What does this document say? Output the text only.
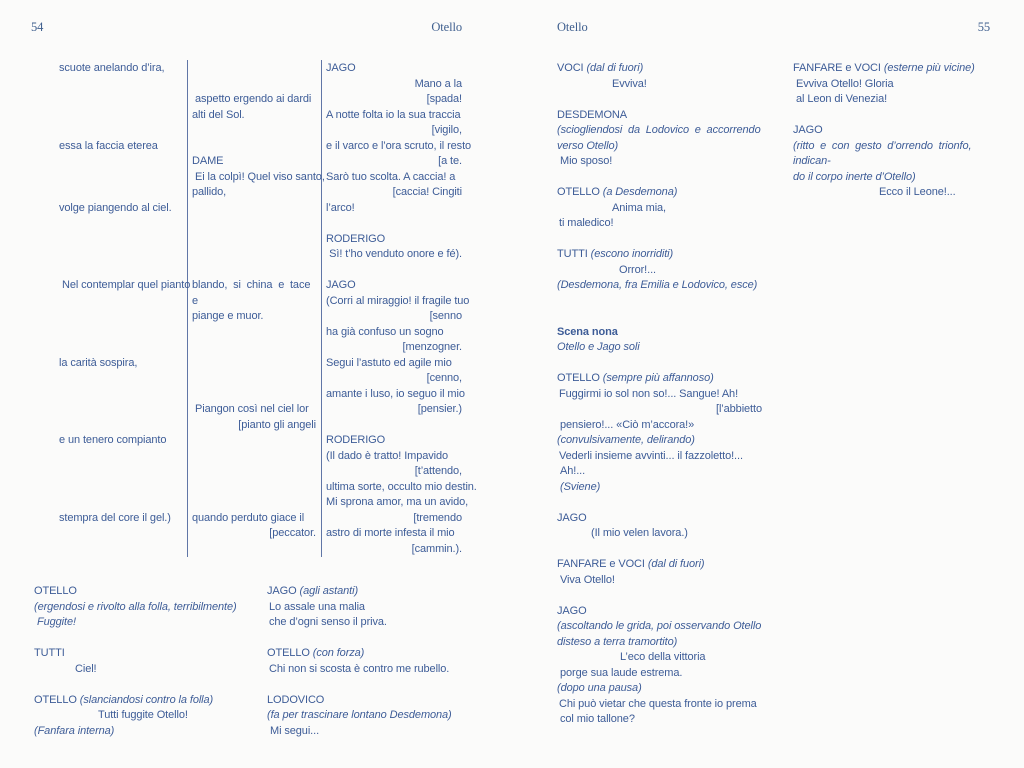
54	Otello
scuote anelando d’ira,
essa la faccia eterea
volge piangendo al ciel.
Nel contemplar quel pianto
la carità sospira,
e un tenero compianto
stempra del core il gel.)
aspetto ergendo ai dardi
alti del Sol.
DAME
Ei la colpì! Quel viso santo,
pallido,
blando, si china e tace e
piange e muor.
Piangon così nel ciel lor
[pianto gli angeli
quando perduto giace il
[peccator.
JAGO
Mano a la
[spada!
A notte folta io la sua traccia
[vigilo,
e il varco e l’ora scruto, il resto
[a te.
Sarò tuo scolta. A caccia! a
[caccia! Cingiti
l’arco!
RODERIGO
Sì! t’ho venduto onore e fé).
JAGO
(Corri al miraggio! il fragile tuo
[senno
ha già confuso un sogno
[menzogner.
Segui l’astuto ed agile mio
[cenno,
amante i luso, io seguo il mio
[pensier.)
RODERIGO
(Il dado è tratto! Impavido
[t’attendo,
ultima sorte, occulto mio destin.
Mi sprona amor, ma un avido,
[tremendo
astro di morte infesta il mio
[cammin.).
OTELLO
(ergendosi e rivolto alla folla, terribilmente)
Fuggite!
TUTTI
Ciel!
OTELLO (slanciandosi contro la folla)
Tutti fuggite Otello!
(Fanfara interna)
JAGO (agli astanti)
Lo assale una malia
che d’ogni senso il priva.
OTELLO (con forza)
Chi non si scosta è contro me rubello.
LODOVICO
(fa per trascinare lontano Desdemona)
Mi segui...
Otello	55
VOCI (dal di fuori)
Evviva!
DESDEMONA
(sciogliendosi da Lodovico e accorrendo
verso Otello)
Mio sposo!
OTELLO (a Desdemona)
Anima mia,
ti maledico!
TUTTI (escono inorriditi)
Orror!...
(Desdemona, fra Emilia e Lodovico, esce)
Scena nona
Otello e Jago soli
OTELLO (sempre più affannoso)
Fuggirmi io sol non so!... Sangue! Ah!
[l’abbietto
pensiero!... «Ciò m’accora!»
(convulsivamente, delirando)
Vederli insieme avvinti... il fazzoletto!...
Ah!...
(Sviene)
JAGO
(Il mio velen lavora.)
FANFARE e VOCI (dal di fuori)
Viva Otello!
JAGO
(ascoltando le grida, poi osservando Otello
disteso a terra tramortito)
L’eco della vittoria
porge sua laude estrema.
(dopo una pausa)
Chi può vietar che questa fronte io prema
col mio tallone?
FANFARE e VOCI (esterne più vicine)
Evviva Otello! Gloria
al Leon di Venezia!
JAGO
(ritto e con gesto d’orrendo trionfo, indican-
do il corpo inerte d’Otello)
Ecco il Leone!...
